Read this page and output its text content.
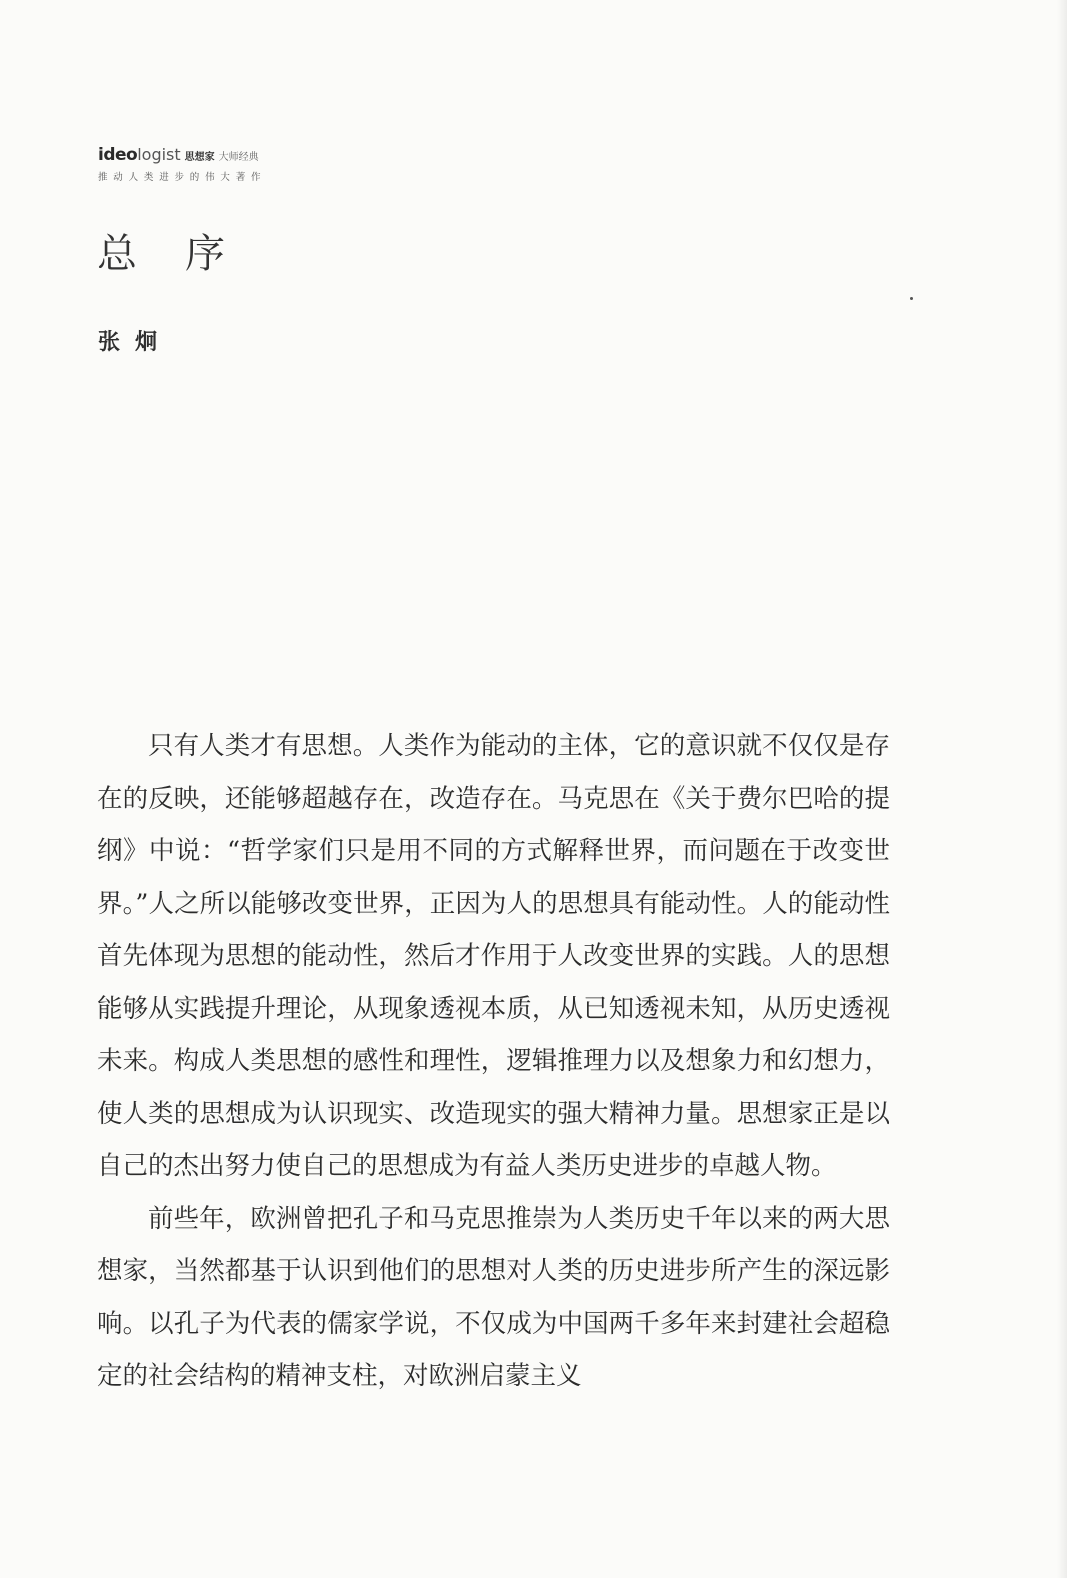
ideo logist 思想家 大师经典
推动人类进步的伟大著作
总序
张炯

只有人类才有思想。人类作为能动的主体，它的意识就不仅仅是存在的反映，还能够超越存在，改造存在。马克思在《关于费尔巴哈的提纲》中说：“哲学家们只是用不同的方式解释世界，而问题在于改变世界。”人之所以能够改变世界，正因为人的思想具有能动性。人的能动性首先体现为思想的能动性，然后才作用于人改变世界的实践。人的思想能够从实践提升理论，从现象透视本质，从已知透视未知，从历史透视未来。构成人类思想的感性和理性，逻辑推理力以及想象力和幻想力，使人类的思想成为认识现实、改造现实的强大精神力量。思想家正是以自己的杰出努力使自己的思想成为有益人类历史进步的卓越人物。

前些年，欧洲曾把孔子和马克思推崇为人类历史千年以来的两大思想家，当然都基于认识到他们的思想对人类的历史进步所产生的深远影响。以孔子为代表的儒家学说，不仅成为中国两千多年来封建社会超稳定的社会结构的精神支柱，对欧洲启蒙主义
